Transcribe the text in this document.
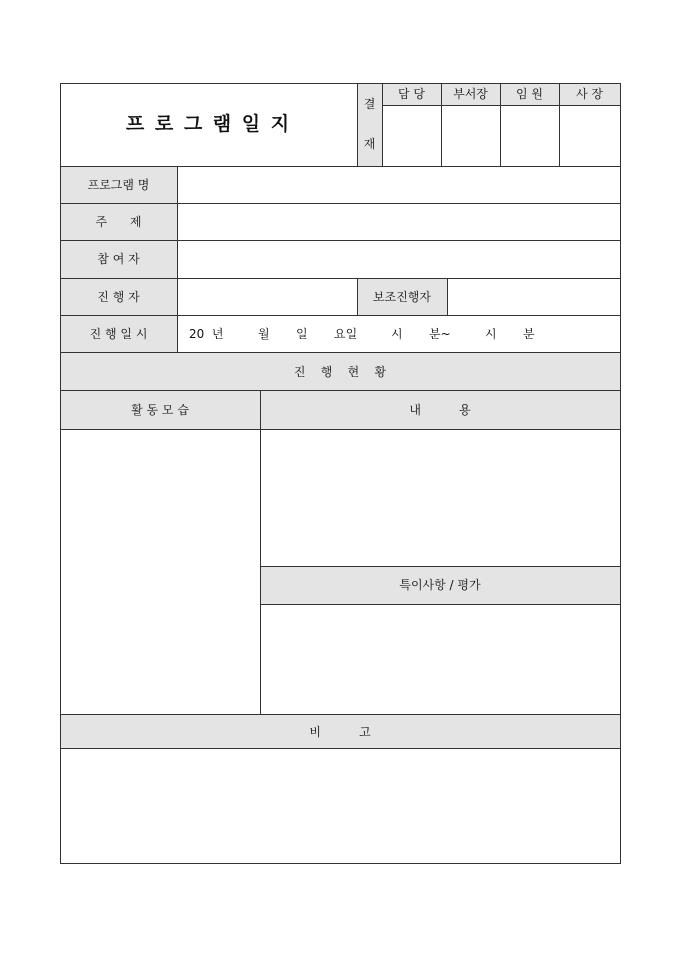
프 로 그 램 일 지
결
재
담 당	부서장	임 원	사 장
프로그램 명
주      제
참 여 자
진 행 자	보조진행자
진 행 일 시	20  년	월 일 요일	시 분~	시 분
진    행    현    황
활 동 모 습	내          용
특이사항 / 평가
비          고
